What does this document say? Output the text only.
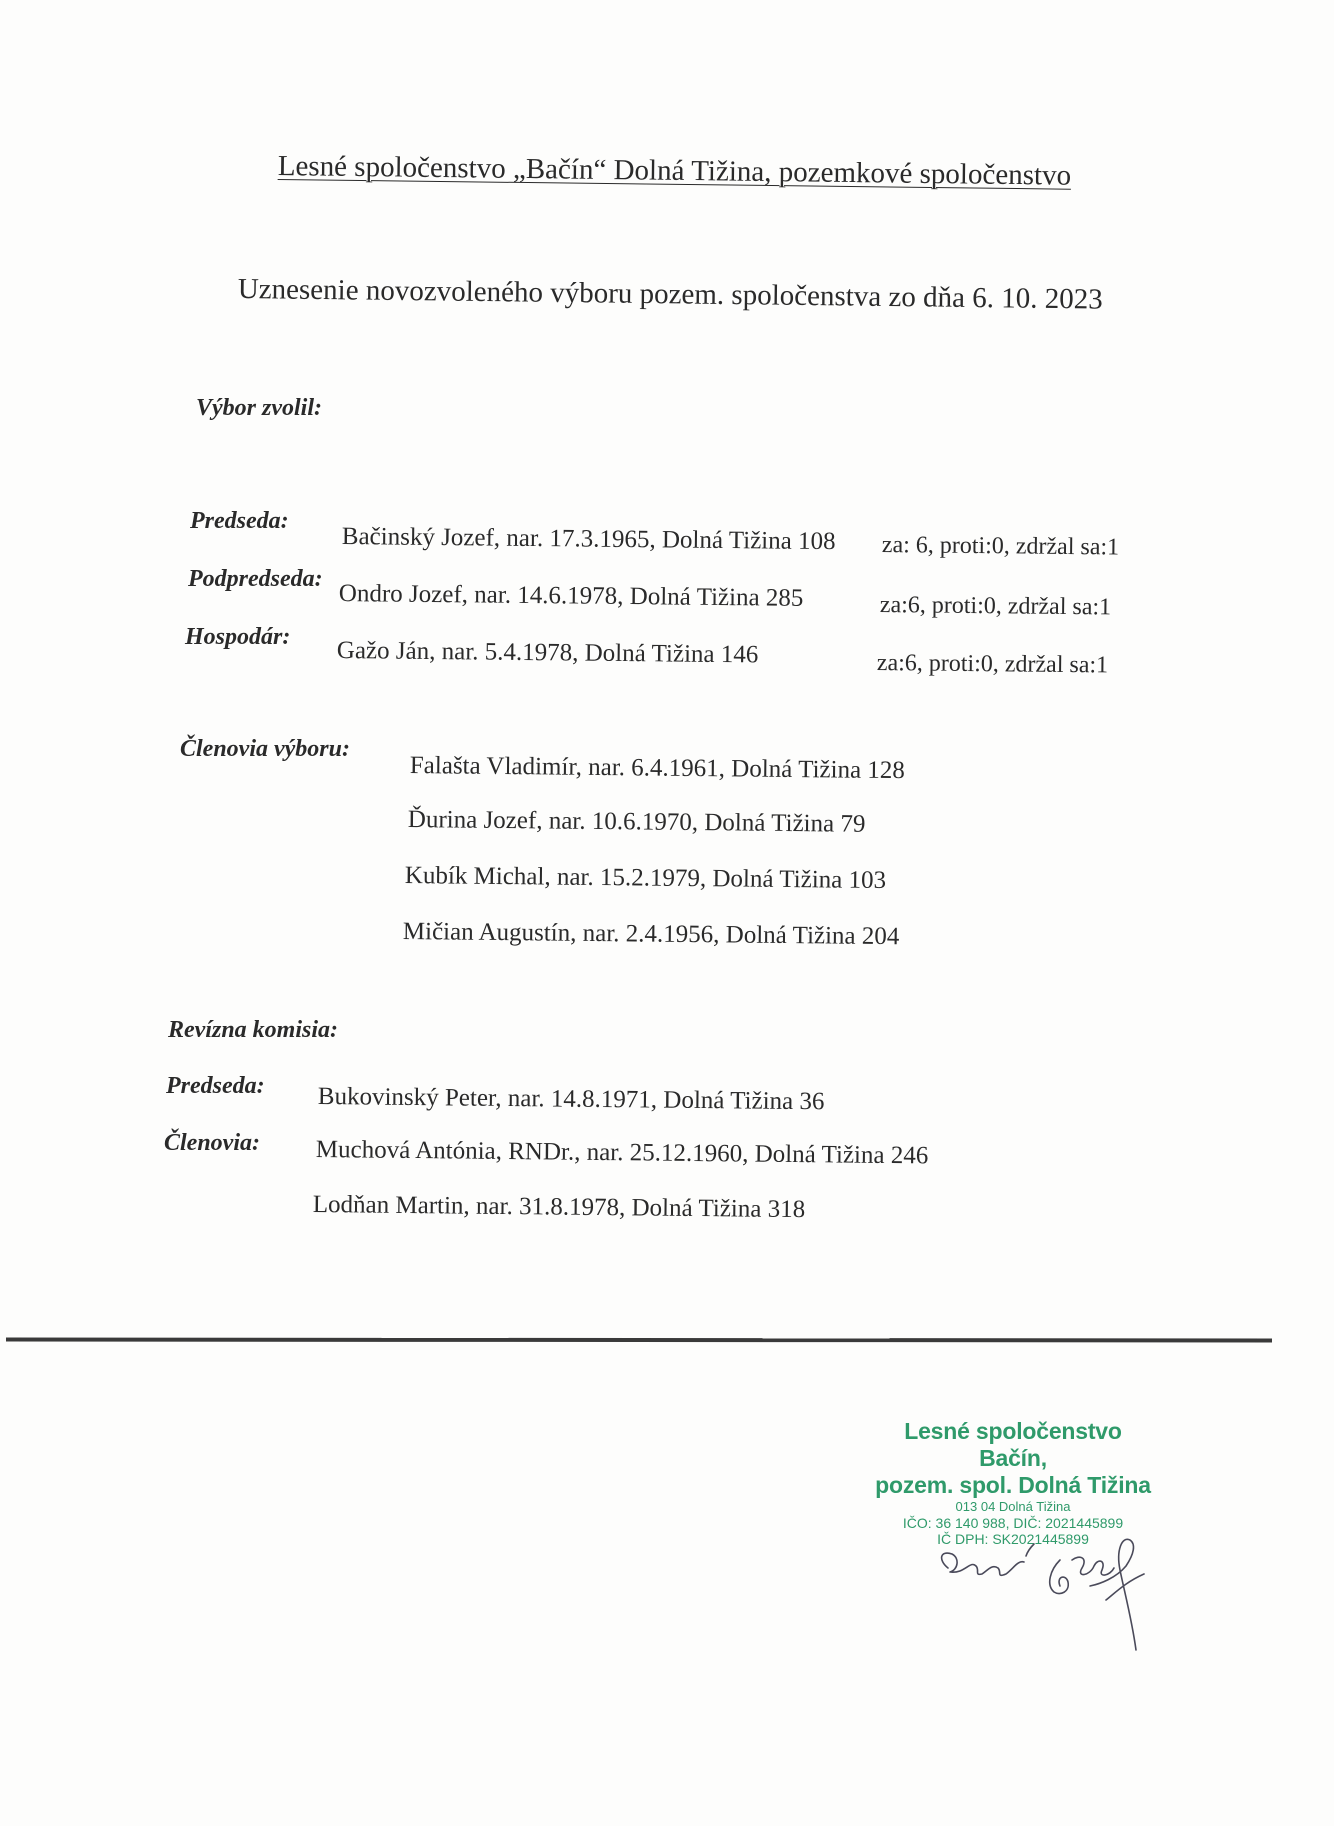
Lesné spoločenstvo „Bačín“ Dolná Tižina, pozemkové spoločenstvo
Uznesenie novozvoleného výboru pozem. spoločenstva zo dňa 6. 10. 2023
Výbor zvolil:
Predseda:
Bačinský Jozef, nar. 17.3.1965, Dolná Tižina 108 za: 6, proti:0, zdržal sa:1
Podpredseda:
Ondro Jozef, nar. 14.6.1978, Dolná Tižina 285	za:6, proti:0, zdržal sa:1
Hospodár: Gažo Ján, nar. 5.4.1978, Dolná Tižina 146	za:6, proti:0, zdržal sa:1
Členovia výboru:
Falašta Vladimír, nar. 6.4.1961, Dolná Tižina 128
Ďurina Jozef, nar. 10.6.1970, Dolná Tižina 79
Kubík Michal, nar. 15.2.1979, Dolná Tižina 103
Mičian Augustín, nar. 2.4.1956, Dolná Tižina 204
Revízna komisia:
Predseda: Bukovinský Peter, nar. 14.8.1971, Dolná Tižina 36
Členovia: Muchová Antónia, RNDr., nar. 25.12.1960, Dolná Tižina 246
Lodňan Martin, nar. 31.8.1978, Dolná Tižina 318
Lesné spoločenstvo Bačín,
pozem. spol. Dolná Tižina
013 04 Dolná Tižina
IČO: 36 140 988, DIČ: 2021445899
IČ DPH: SK2021445899
